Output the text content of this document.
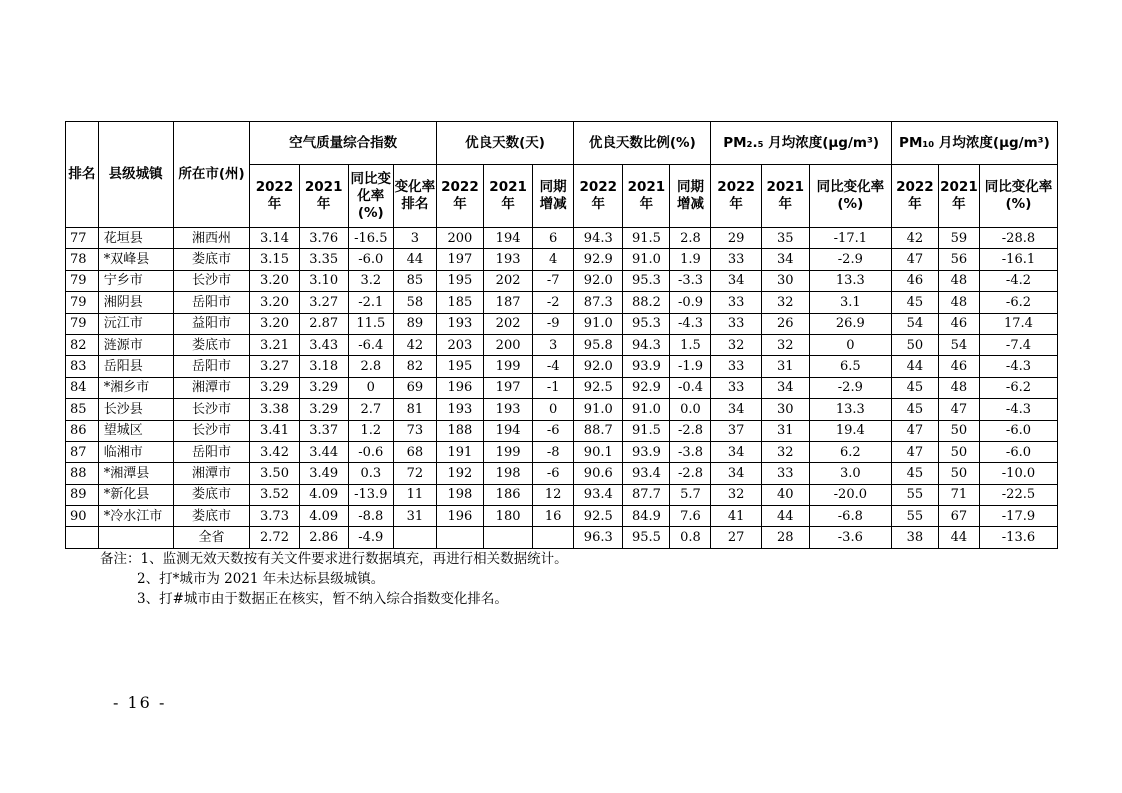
排名	县级城镇	所在市(州)	空气质量综合指数				优良天数(天)			优良天数比例(%)			PM₂.₅ 月均浓度(μg/m³)			PM₁₀ 月均浓度(μg/m³)		
			2022年	2021年	同比变化率(%)	变化率排名	2022年	2021年	同期增减	2022年	2021年	同期增减	2022年	2021年	同比变化率(%)	2022年	2021年	同比变化率(%)
77	花垣县	湘西州	3.14	3.76	-16.5	3	200	194	6	94.3	91.5	2.8	29	35	-17.1	42	59	-28.8
78	*双峰县	娄底市	3.15	3.35	-6.0	44	197	193	4	92.9	91.0	1.9	33	34	-2.9	47	56	-16.1
79	宁乡市	长沙市	3.20	3.10	3.2	85	195	202	-7	92.0	95.3	-3.3	34	30	13.3	46	48	-4.2
79	湘阴县	岳阳市	3.20	3.27	-2.1	58	185	187	-2	87.3	88.2	-0.9	33	32	3.1	45	48	-6.2
79	沅江市	益阳市	3.20	2.87	11.5	89	193	202	-9	91.0	95.3	-4.3	33	26	26.9	54	46	17.4
82	涟源市	娄底市	3.21	3.43	-6.4	42	203	200	3	95.8	94.3	1.5	32	32	0	50	54	-7.4
83	岳阳县	岳阳市	3.27	3.18	2.8	82	195	199	-4	92.0	93.9	-1.9	33	31	6.5	44	46	-4.3
84	*湘乡市	湘潭市	3.29	3.29	0	69	196	197	-1	92.5	92.9	-0.4	33	34	-2.9	45	48	-6.2
85	长沙县	长沙市	3.38	3.29	2.7	81	193	193	0	91.0	91.0	0.0	34	30	13.3	45	47	-4.3
86	望城区	长沙市	3.41	3.37	1.2	73	188	194	-6	88.7	91.5	-2.8	37	31	19.4	47	50	-6.0
87	临湘市	岳阳市	3.42	3.44	-0.6	68	191	199	-8	90.1	93.9	-3.8	34	32	6.2	47	50	-6.0
88	*湘潭县	湘潭市	3.50	3.49	0.3	72	192	198	-6	90.6	93.4	-2.8	34	33	3.0	45	50	-10.0
89	*新化县	娄底市	3.52	4.09	-13.9	11	198	186	12	93.4	87.7	5.7	32	40	-20.0	55	71	-22.5
90	*冷水江市	娄底市	3.73	4.09	-8.8	31	196	180	16	92.5	84.9	7.6	41	44	-6.8	55	67	-17.9
		全省	2.72	2.86	-4.9					96.3	95.5	0.8	27	28	-3.6	38	44	-13.6
备注：1、监测无效天数按有关文件要求进行数据填充，再进行相关数据统计。
2、打*城市为 2021 年未达标县级城镇。
3、打#城市由于数据正在核实，暂不纳入综合指数变化排名。
- 16 -
